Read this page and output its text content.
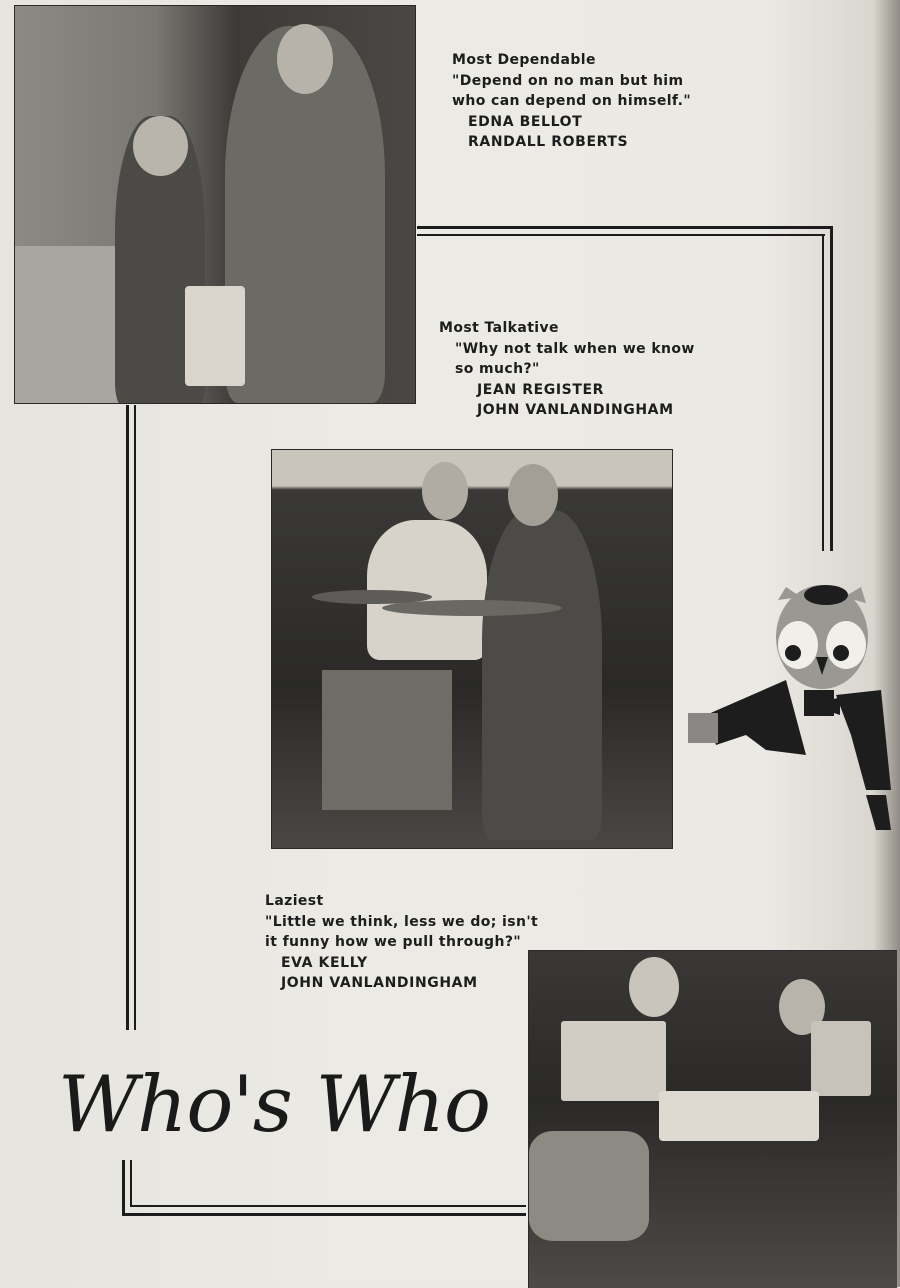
Most Dependable
"Depend on no man but him
who can depend on himself."
EDNA BELLOT
RANDALL ROBERTS
Most Talkative
"Why not talk when we know
so much?"
JEAN REGISTER
JOHN VANLANDINGHAM
Laziest
"Little we think, less we do; isn't
it funny how we pull through?"
EVA KELLY
JOHN VANLANDINGHAM
Who's Who
